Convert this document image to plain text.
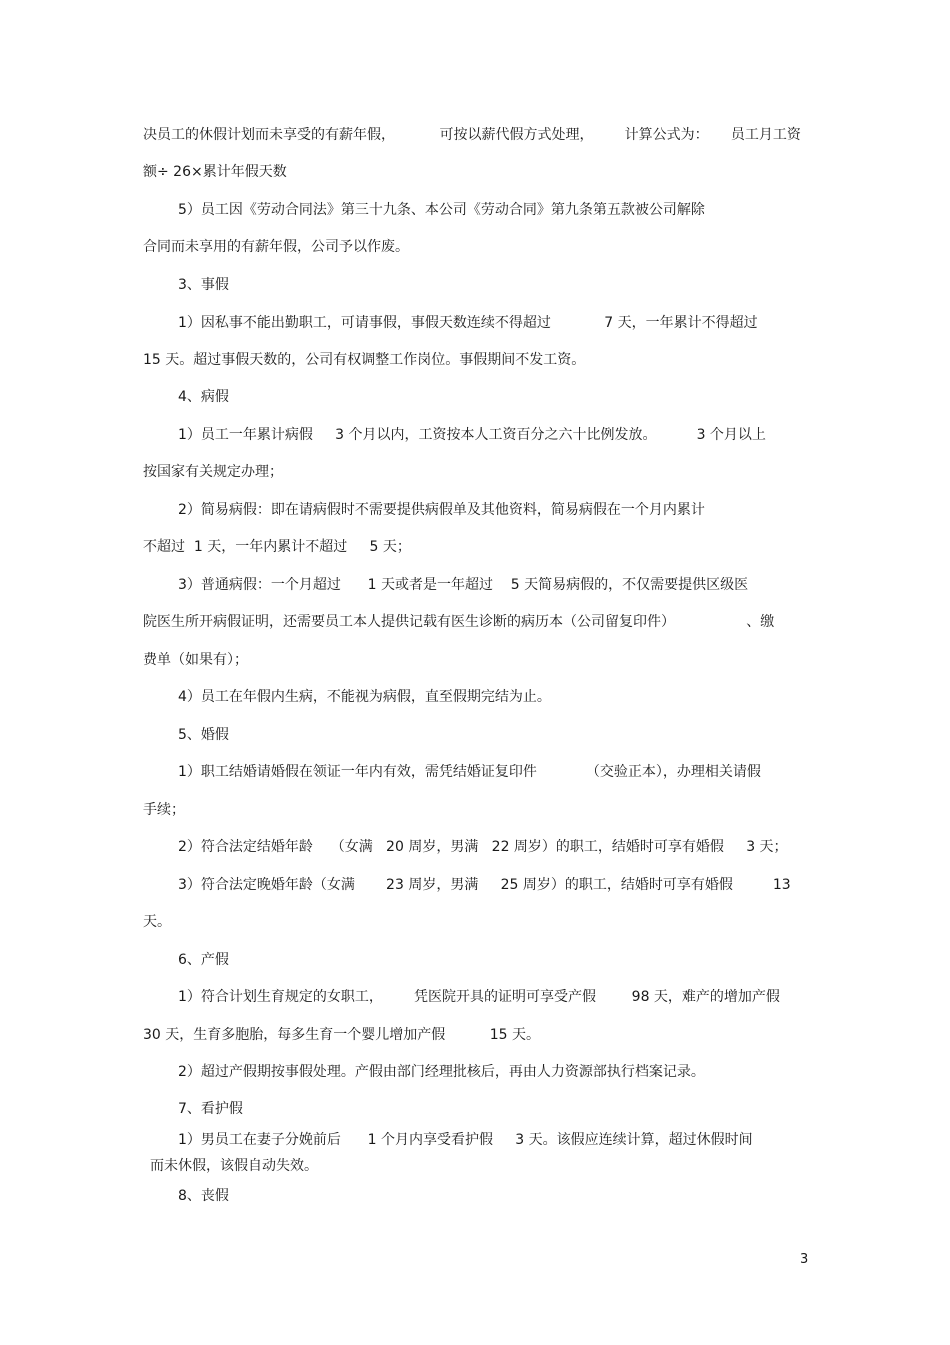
决员工的休假计划而未享受的有薪年假，          可按以薪代假方式处理，       计算公式为：     员工月工资
额÷ 26×累计年假天数
5）员工因《劳动合同法》第三十九条、本公司《劳动合同》第九条第五款被公司解除
合同而未享用的有薪年假，公司予以作废。
3、事假
1）因私事不能出勤职工，可请事假，事假天数连续不得超过            7 天，一年累计不得超过
15 天。超过事假天数的，公司有权调整工作岗位。事假期间不发工资。
4、病假
1）员工一年累计病假     3 个月以内，工资按本人工资百分之六十比例发放。         3 个月以上
按国家有关规定办理；
2）简易病假：即在请病假时不需要提供病假单及其他资料，简易病假在一个月内累计
不超过  1 天，一年内累计不超过     5 天；
3）普通病假：一个月超过      1 天或者是一年超过    5 天简易病假的，不仅需要提供区级医
院医生所开病假证明，还需要员工本人提供记载有医生诊断的病历本（公司留复印件）                、缴
费单（如果有）；
4）员工在年假内生病，不能视为病假，直至假期完结为止。
5、婚假
1）职工结婚请婚假在领证一年内有效，需凭结婚证复印件           （交验正本），办理相关请假
手续；
2）符合法定结婚年龄    （女满   20 周岁，男满   22 周岁）的职工，结婚时可享有婚假     3 天；
3）符合法定晚婚年龄（女满       23 周岁，男满     25 周岁）的职工，结婚时可享有婚假         13
天。
6、产假
1）符合计划生育规定的女职工，       凭医院开具的证明可享受产假        98 天，难产的增加产假
30 天，生育多胞胎，每多生育一个婴儿增加产假          15 天。
2）超过产假期按事假处理。产假由部门经理批核后，再由人力资源部执行档案记录。
7、看护假
1）男员工在妻子分娩前后      1 个月内享受看护假     3 天。该假应连续计算，超过休假时间
而未休假，该假自动失效。
8、丧假
3
